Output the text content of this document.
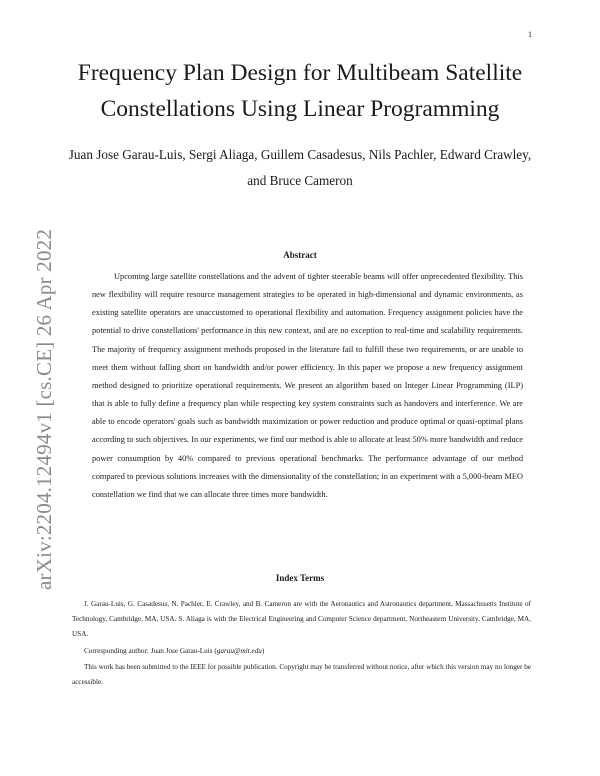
1
arXiv:2204.12494v1 [cs.CE] 26 Apr 2022
Frequency Plan Design for Multibeam Satellite Constellations Using Linear Programming
Juan Jose Garau-Luis, Sergi Aliaga, Guillem Casadesus, Nils Pachler, Edward Crawley, and Bruce Cameron
Abstract

Upcoming large satellite constellations and the advent of tighter steerable beams will offer unprecedented flexibility. This new flexibility will require resource management strategies to be operated in high-dimensional and dynamic environments, as existing satellite operators are unaccustomed to operational flexibility and automation. Frequency assignment policies have the potential to drive constellations' performance in this new context, and are no exception to real-time and scalability requirements. The majority of frequency assignment methods proposed in the literature fail to fulfill these two requirements, or are unable to meet them without falling short on bandwidth and/or power efficiency. In this paper we propose a new frequency assignment method designed to prioritize operational requirements. We present an algorithm based on Integer Linear Programming (ILP) that is able to fully define a frequency plan while respecting key system constraints such as handovers and interference. We are able to encode operators' goals such as bandwidth maximization or power reduction and produce optimal or quasi-optimal plans according to such objectives. In our experiments, we find our method is able to allocate at least 50% more bandwidth and reduce power consumption by 40% compared to previous operational benchmarks. The performance advantage of our method compared to previous solutions increases with the dimensionality of the constellation; in an experiment with a 5,000-beam MEO constellation we find that we can allocate three times more bandwidth.

Index Terms

J. Garau-Luis, G. Casadesus, N. Pachler, E. Crawley, and B. Cameron are with the Aeronautics and Astronautics department, Massachusetts Institute of Technology, Cambridge, MA, USA. S. Aliaga is with the Electrical Engineering and Computer Science department, Northeastern University, Cambridge, MA, USA.

Corresponding author: Juan Jose Garau-Luis (garau@mit.edu)

This work has been submitted to the IEEE for possible publication. Copyright may be transferred without notice, after which this version may no longer be accessible.
